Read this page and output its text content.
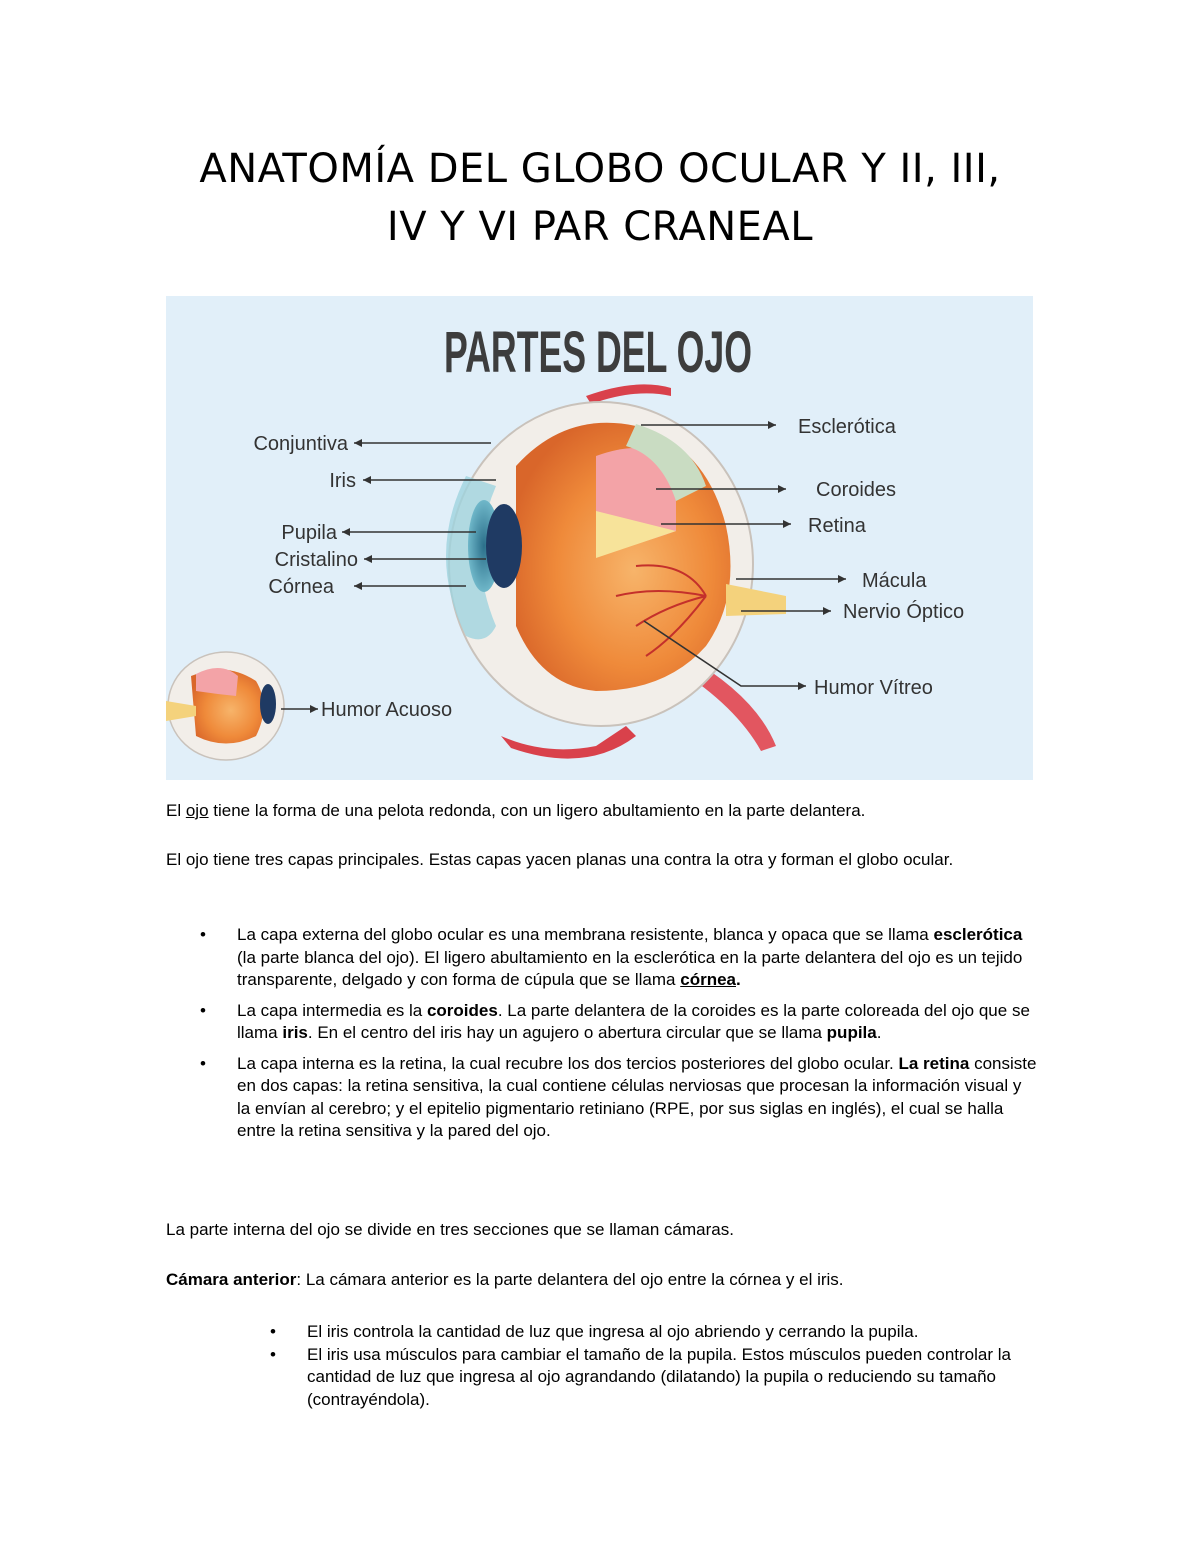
ANATOMÍA DEL GLOBO OCULAR Y II, III,
IV Y VI PAR CRANEAL
PARTES DEL OJO
Conjuntiva
Iris
Pupila
Cristalino
Córnea
Esclerótica
Coroides
Retina
Mácula
Nervio Óptico
Humor Vítreo
Humor Acuoso

El ojo tiene la forma de una pelota redonda, con un ligero abultamiento en la parte delantera.

El ojo tiene tres capas principales. Estas capas yacen planas una contra la otra y forman el globo ocular.

• La capa externa del globo ocular es una membrana resistente, blanca y opaca que se llama esclerótica (la parte blanca del ojo). El ligero abultamiento en la esclerótica en la parte delantera del ojo es un tejido transparente, delgado y con forma de cúpula que se llama córnea.
• La capa intermedia es la coroides. La parte delantera de la coroides es la parte coloreada del ojo que se llama iris. En el centro del iris hay un agujero o abertura circular que se llama pupila.
• La capa interna es la retina, la cual recubre los dos tercios posteriores del globo ocular. La retina consiste en dos capas: la retina sensitiva, la cual contiene células nerviosas que procesan la información visual y la envían al cerebro; y el epitelio pigmentario retiniano (RPE, por sus siglas en inglés), el cual se halla entre la retina sensitiva y la pared del ojo.

La parte interna del ojo se divide en tres secciones que se llaman cámaras.

Cámara anterior: La cámara anterior es la parte delantera del ojo entre la córnea y el iris.

• El iris controla la cantidad de luz que ingresa al ojo abriendo y cerrando la pupila.
• El iris usa músculos para cambiar el tamaño de la pupila. Estos músculos pueden controlar la cantidad de luz que ingresa al ojo agrandando (dilatando) la pupila o reduciendo su tamaño (contrayéndola).
